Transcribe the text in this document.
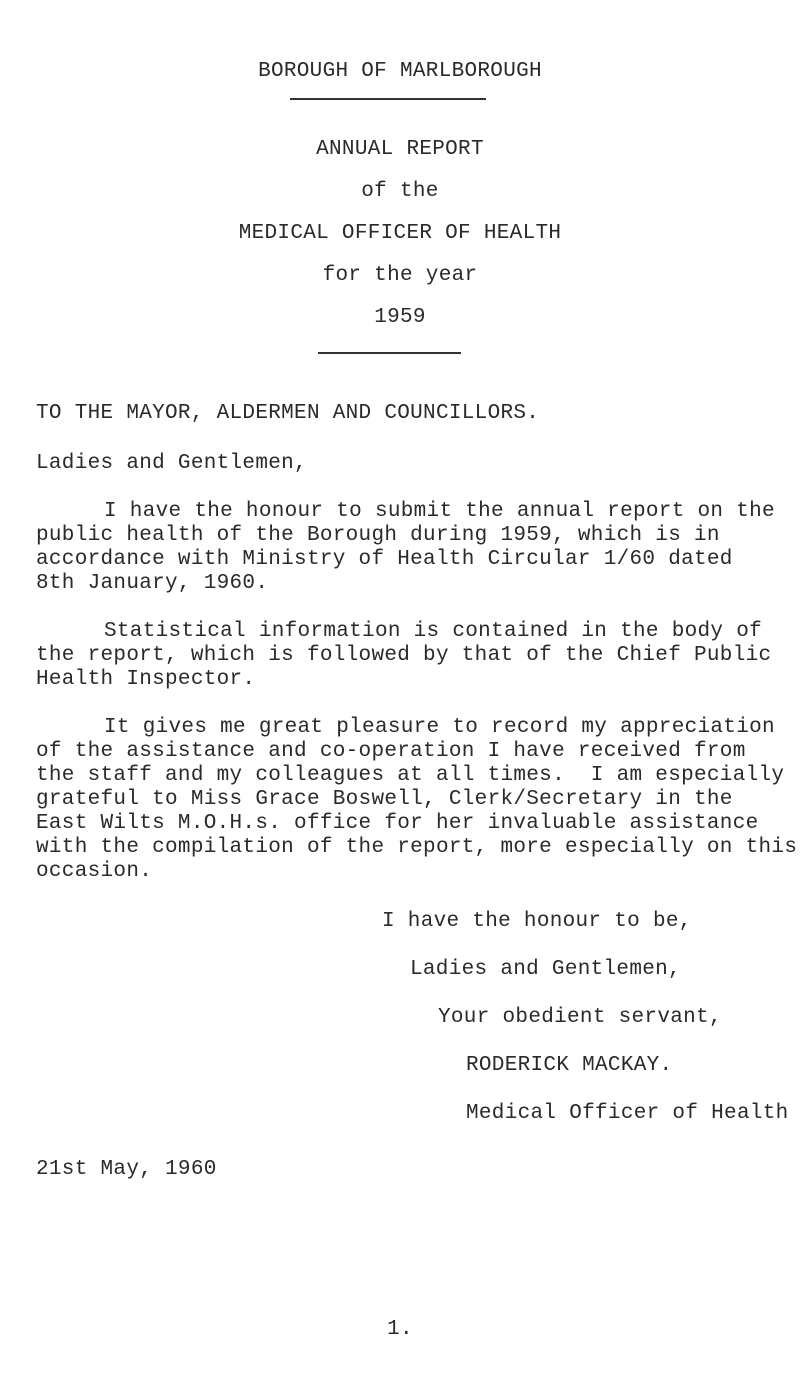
BOROUGH OF MARLBOROUGH
ANNUAL REPORT
of the
MEDICAL OFFICER OF HEALTH
for the year
1959
TO THE MAYOR, ALDERMEN AND COUNCILLORS.
Ladies and Gentlemen,
I have the honour to submit the annual report on the
public health of the Borough during 1959, which is in
accordance with Ministry of Health Circular 1/60 dated
8th January, 1960.
Statistical information is contained in the body of
the report, which is followed by that of the Chief Public
Health Inspector.
It gives me great pleasure to record my appreciation
of the assistance and co-operation I have received from
the staff and my colleagues at all times.  I am especially
grateful to Miss Grace Boswell, Clerk/Secretary in the
East Wilts M.O.H.s. office for her invaluable assistance
with the compilation of the report, more especially on this
occasion.
I have the honour to be,
Ladies and Gentlemen,
Your obedient servant,
RODERICK MACKAY.
Medical Officer of Health
21st May, 1960
1.
